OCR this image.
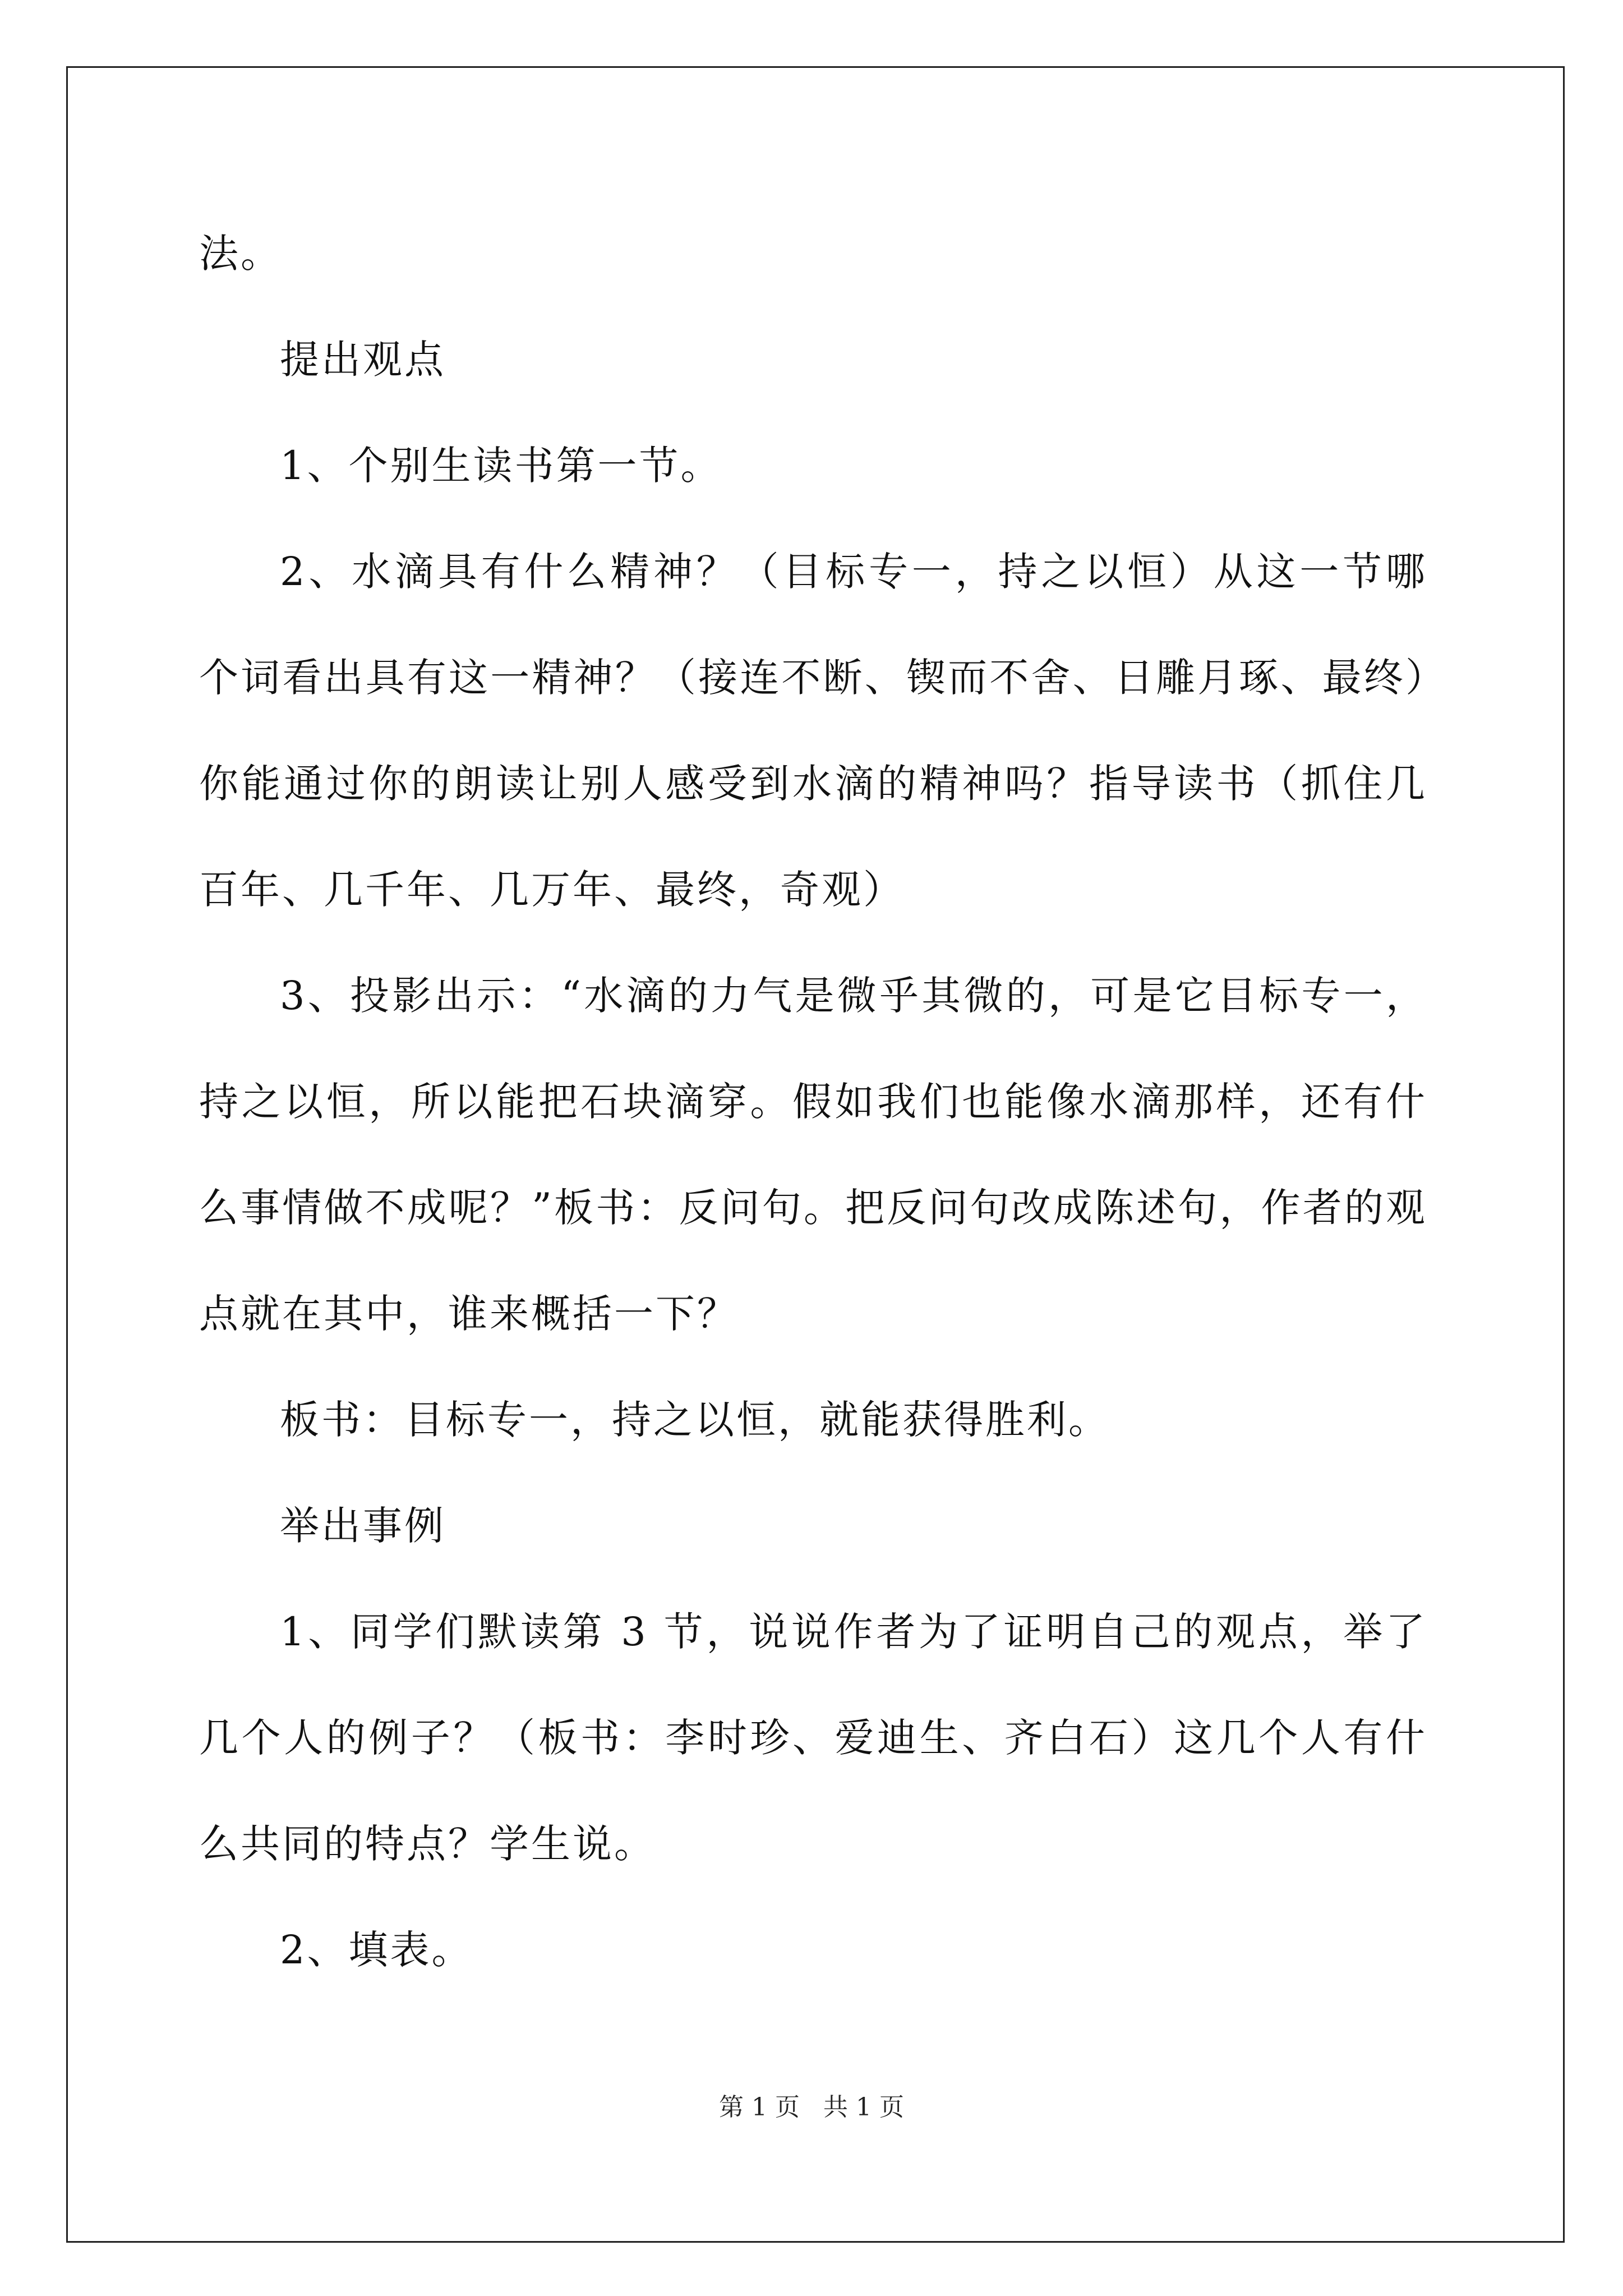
法。

提出观点

1、个别生读书第一节。

2、水滴具有什么精神？（目标专一，持之以恒）从这一节哪个词看出具有这一精神？（接连不断、锲而不舍、日雕月琢、最终）你能通过你的朗读让别人感受到水滴的精神吗？指导读书（抓住几百年、几千年、几万年、最终，奇观）

3、投影出示：“水滴的力气是微乎其微的，可是它目标专一，持之以恒，所以能把石块滴穿。假如我们也能像水滴那样，还有什么事情做不成呢？”板书：反问句。把反问句改成陈述句，作者的观点就在其中，谁来概括一下？

板书：目标专一，持之以恒，就能获得胜利。

举出事例

1、同学们默读第 3 节，说说作者为了证明自己的观点，举了几个人的例子？（板书：李时珍、爱迪生、齐白石）这几个人有什么共同的特点？学生说。

2、填表。

第 1 页 共 1 页
